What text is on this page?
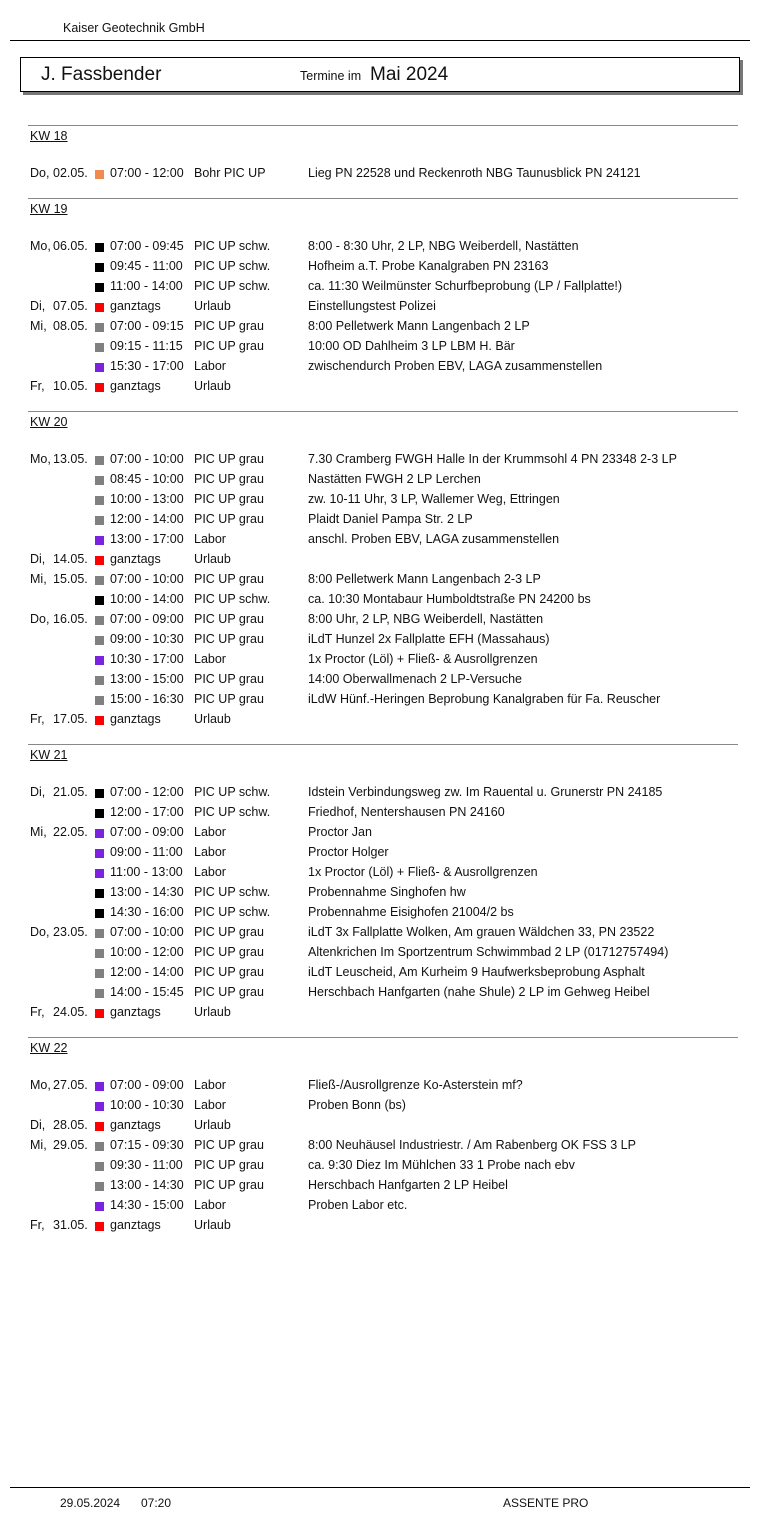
Kaiser Geotechnik GmbH
J. Fassbender	Termine im Mai 2024
KW 18
Do, 02.05. 07:00 - 12:00 Bohr PIC UP	Lieg PN 22528 und Reckenroth NBG Taunusblick PN 24121
KW 19
Mo, 06.05. 07:00 - 09:45 PIC UP schw.	8:00 - 8:30 Uhr, 2 LP, NBG Weiberdell, Nastätten
09:45 - 11:00 PIC UP schw.	Hofheim a.T. Probe Kanalgraben PN 23163
11:00 - 14:00 PIC UP schw.	ca. 11:30 Weilmünster Schurfbeprobung (LP / Fallplatte!)
Di, 07.05. ganztags	Urlaub	Einstellungstest Polizei
Mi, 08.05. 07:00 - 09:15 PIC UP grau	8:00 Pelletwerk Mann Langenbach 2 LP
09:15 - 11:15 PIC UP grau	10:00 OD Dahlheim 3 LP LBM H. Bär
15:30 - 17:00 Labor	zwischendurch Proben EBV, LAGA zusammenstellen
Fr, 10.05. ganztags	Urlaub
KW 20
Mo, 13.05. 07:00 - 10:00 PIC UP grau	7.30 Cramberg FWGH Halle In der Krummsohl 4 PN 23348 2-3 LP
08:45 - 10:00 PIC UP grau	Nastätten FWGH 2 LP Lerchen
10:00 - 13:00 PIC UP grau	zw. 10-11 Uhr, 3 LP, Wallemer Weg, Ettringen
12:00 - 14:00 PIC UP grau	Plaidt Daniel Pampa Str. 2 LP
13:00 - 17:00 Labor	anschl. Proben EBV, LAGA zusammenstellen
Di, 14.05. ganztags	Urlaub
Mi, 15.05. 07:00 - 10:00 PIC UP grau	8:00 Pelletwerk Mann Langenbach 2-3 LP
10:00 - 14:00 PIC UP schw.	ca. 10:30 Montabaur Humboldtstraße PN 24200 bs
Do, 16.05. 07:00 - 09:00 PIC UP grau	8:00 Uhr, 2 LP, NBG Weiberdell, Nastätten
09:00 - 10:30 PIC UP grau	iLdT Hunzel 2x Fallplatte EFH (Massahaus)
10:30 - 17:00 Labor	1x Proctor (Löl) + Fließ- & Ausrollgrenzen
13:00 - 15:00 PIC UP grau	14:00 Oberwallmenach 2 LP-Versuche
15:00 - 16:30 PIC UP grau	iLdW Hünf.-Heringen Beprobung Kanalgraben für Fa. Reuscher
Fr, 17.05. ganztags	Urlaub
KW 21
Di, 21.05. 07:00 - 12:00 PIC UP schw.	Idstein Verbindungsweg zw. Im Rauental u. Grunerstr PN 24185
12:00 - 17:00 PIC UP schw.	Friedhof, Nentershausen PN 24160
Mi, 22.05. 07:00 - 09:00 Labor	Proctor Jan
09:00 - 11:00 Labor	Proctor Holger
11:00 - 13:00 Labor	1x Proctor (Löl) + Fließ- & Ausrollgrenzen
13:00 - 14:30 PIC UP schw.	Probennahme Singhofen hw
14:30 - 16:00 PIC UP schw.	Probennahme Eisighofen 21004/2 bs
Do, 23.05. 07:00 - 10:00 PIC UP grau	iLdT 3x Fallplatte Wolken, Am grauen Wäldchen 33, PN 23522
10:00 - 12:00 PIC UP grau	Altenkrichen Im Sportzentrum Schwimmbad 2 LP (01712757494)
12:00 - 14:00 PIC UP grau	iLdT Leuscheid, Am Kurheim 9 Haufwerksbeprobung Asphalt
14:00 - 15:45 PIC UP grau	Herschbach Hanfgarten (nahe Shule) 2 LP im Gehweg Heibel
Fr, 24.05. ganztags	Urlaub
KW 22
Mo, 27.05. 07:00 - 09:00 Labor	Fließ-/Ausrollgrenze Ko-Asterstein mf?
10:00 - 10:30 Labor	Proben Bonn (bs)
Di, 28.05. ganztags	Urlaub
Mi, 29.05. 07:15 - 09:30 PIC UP grau	8:00 Neuhäusel Industriestr. / Am Rabenberg OK FSS 3 LP
09:30 - 11:00 PIC UP grau	ca. 9:30 Diez Im Mühlchen 33 1 Probe nach ebv
13:00 - 14:30 PIC UP grau	Herschbach Hanfgarten 2 LP Heibel
14:30 - 15:00 Labor	Proben Labor etc.
Fr, 31.05. ganztags	Urlaub
29.05.2024 07:20	ASSENTE PRO
